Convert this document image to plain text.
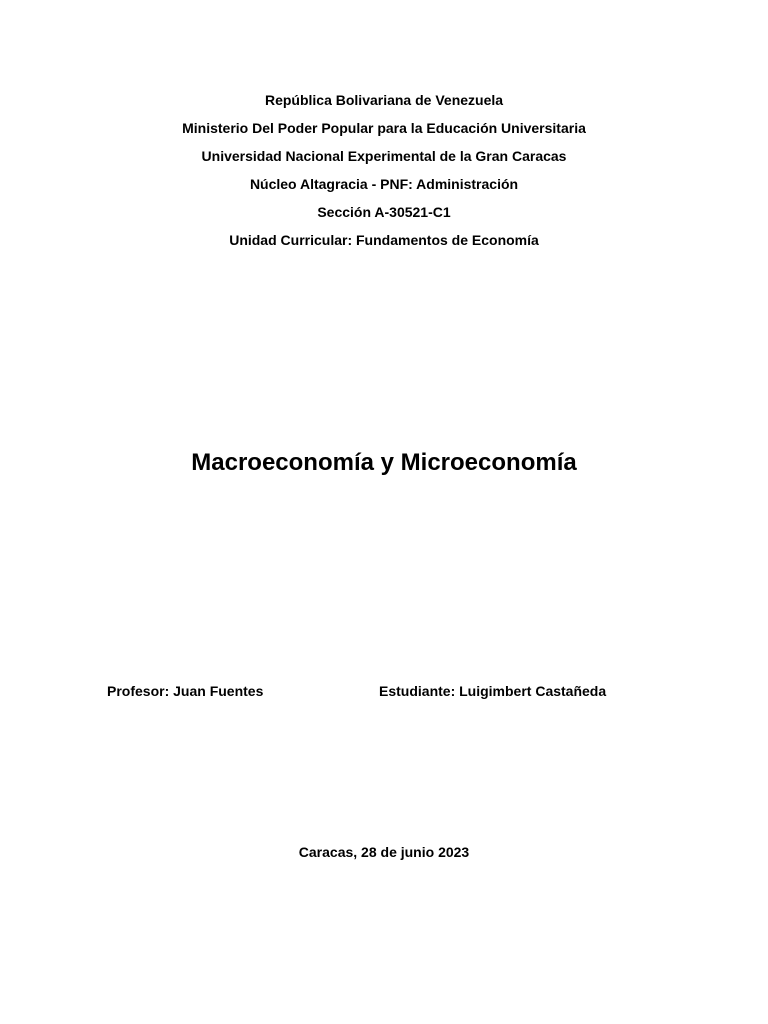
República Bolivariana de Venezuela
Ministerio Del Poder Popular para la Educación Universitaria
Universidad Nacional Experimental de la Gran Caracas
Núcleo Altagracia - PNF: Administración
Sección A-30521-C1
Unidad Curricular: Fundamentos de Economía
Macroeconomía y Microeconomía
Profesor: Juan Fuentes	Estudiante: Luigimbert Castañeda
Caracas, 28 de junio 2023
